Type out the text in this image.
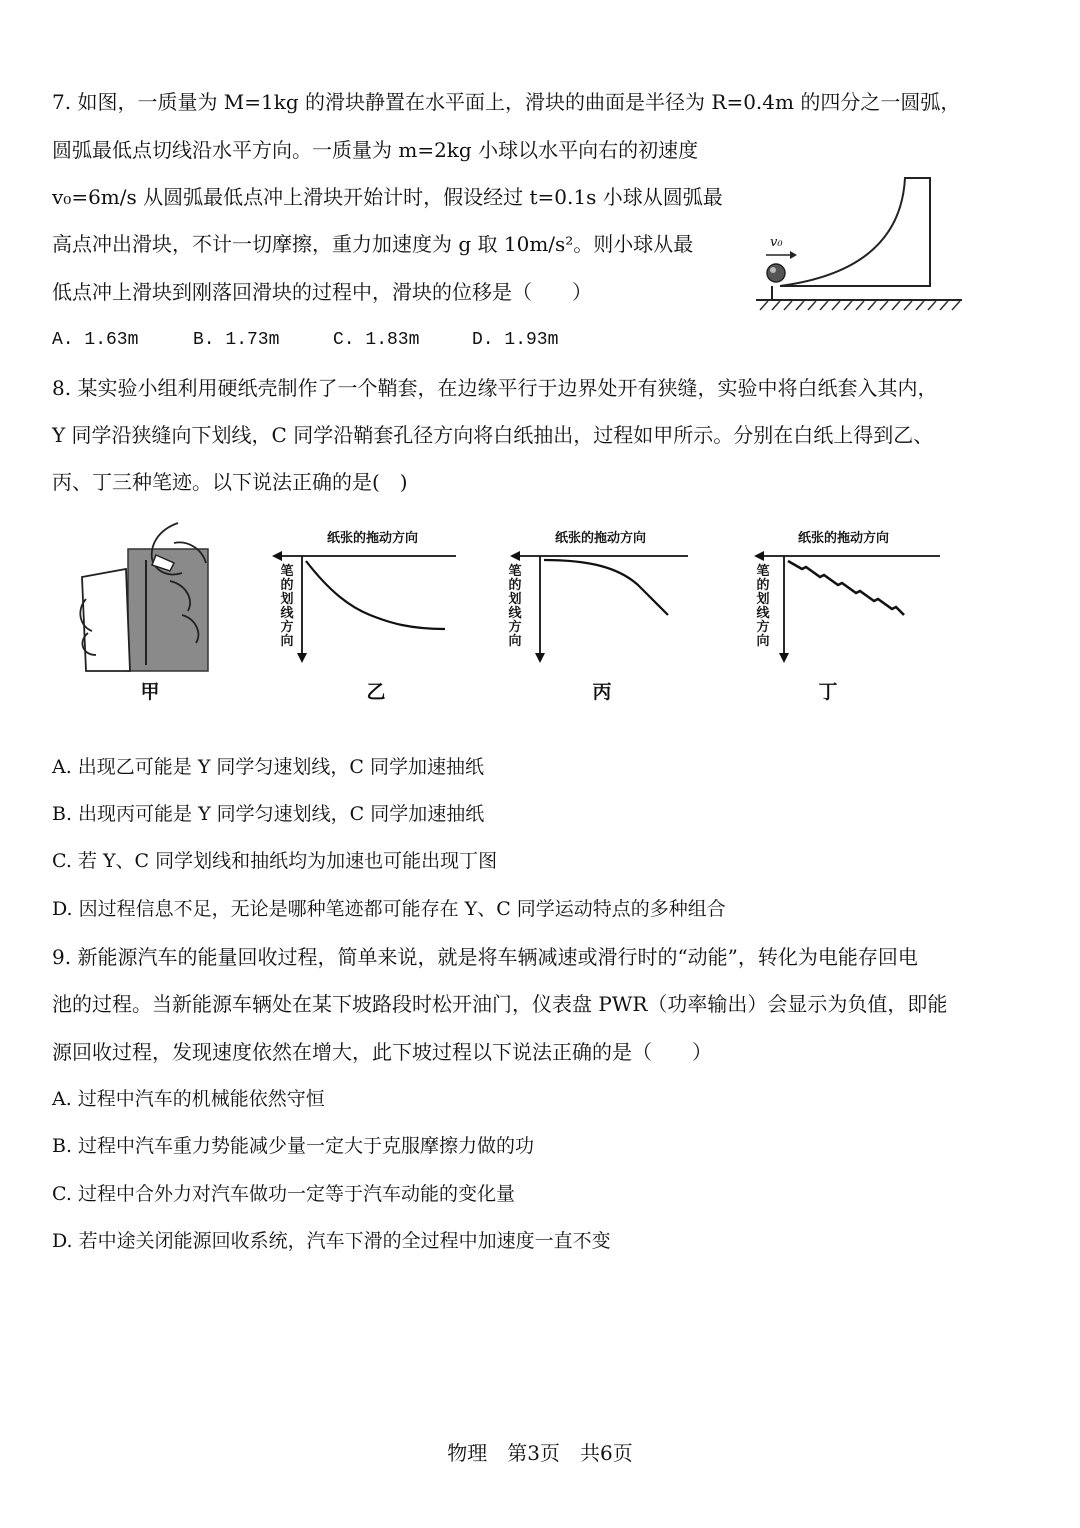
7. 如图，一质量为 M=1kg 的滑块静置在水平面上，滑块的曲面是半径为 R=0.4m 的四分之一圆弧，
圆弧最低点切线沿水平方向。一质量为 m=2kg 小球以水平向右的初速度
v₀=6m/s 从圆弧最低点冲上滑块开始计时，假设经过 t=0.1s 小球从圆弧最
高点冲出滑块，不计一切摩擦，重力加速度为 g 取 10m/s²。则小球从最
低点冲上滑块到刚落回滑块的过程中，滑块的位移是（　　）
A. 1.63m	B. 1.73m	C. 1.83m	D. 1.93m
v₀
8. 某实验小组利用硬纸壳制作了一个鞘套，在边缘平行于边界处开有狭缝，实验中将白纸套入其内，
Y 同学沿狭缝向下划线，C 同学沿鞘套孔径方向将白纸抽出，过程如甲所示。分别在白纸上得到乙、
丙、丁三种笔迹。以下说法正确的是(　)
甲
纸张的拖动方向
笔
的
划
线
方
向
乙
纸张的拖动方向
笔
的
划
线
方
向
丙
纸张的拖动方向
笔
的
划
线
方
向
丁
A. 出现乙可能是 Y 同学匀速划线，C 同学加速抽纸
B. 出现丙可能是 Y 同学匀速划线，C 同学加速抽纸
C. 若 Y、C 同学划线和抽纸均为加速也可能出现丁图
D. 因过程信息不足，无论是哪种笔迹都可能存在 Y、C 同学运动特点的多种组合
9. 新能源汽车的能量回收过程，简单来说，就是将车辆减速或滑行时的“动能”，转化为电能存回电
池的过程。当新能源车辆处在某下坡路段时松开油门，仪表盘 PWR（功率输出）会显示为负值，即能
源回收过程，发现速度依然在增大，此下坡过程以下说法正确的是（　　）
A. 过程中汽车的机械能依然守恒
B. 过程中汽车重力势能减少量一定大于克服摩擦力做的功
C. 过程中合外力对汽车做功一定等于汽车动能的变化量
D. 若中途关闭能源回收系统，汽车下滑的全过程中加速度一直不变
物理　第3页　共6页
